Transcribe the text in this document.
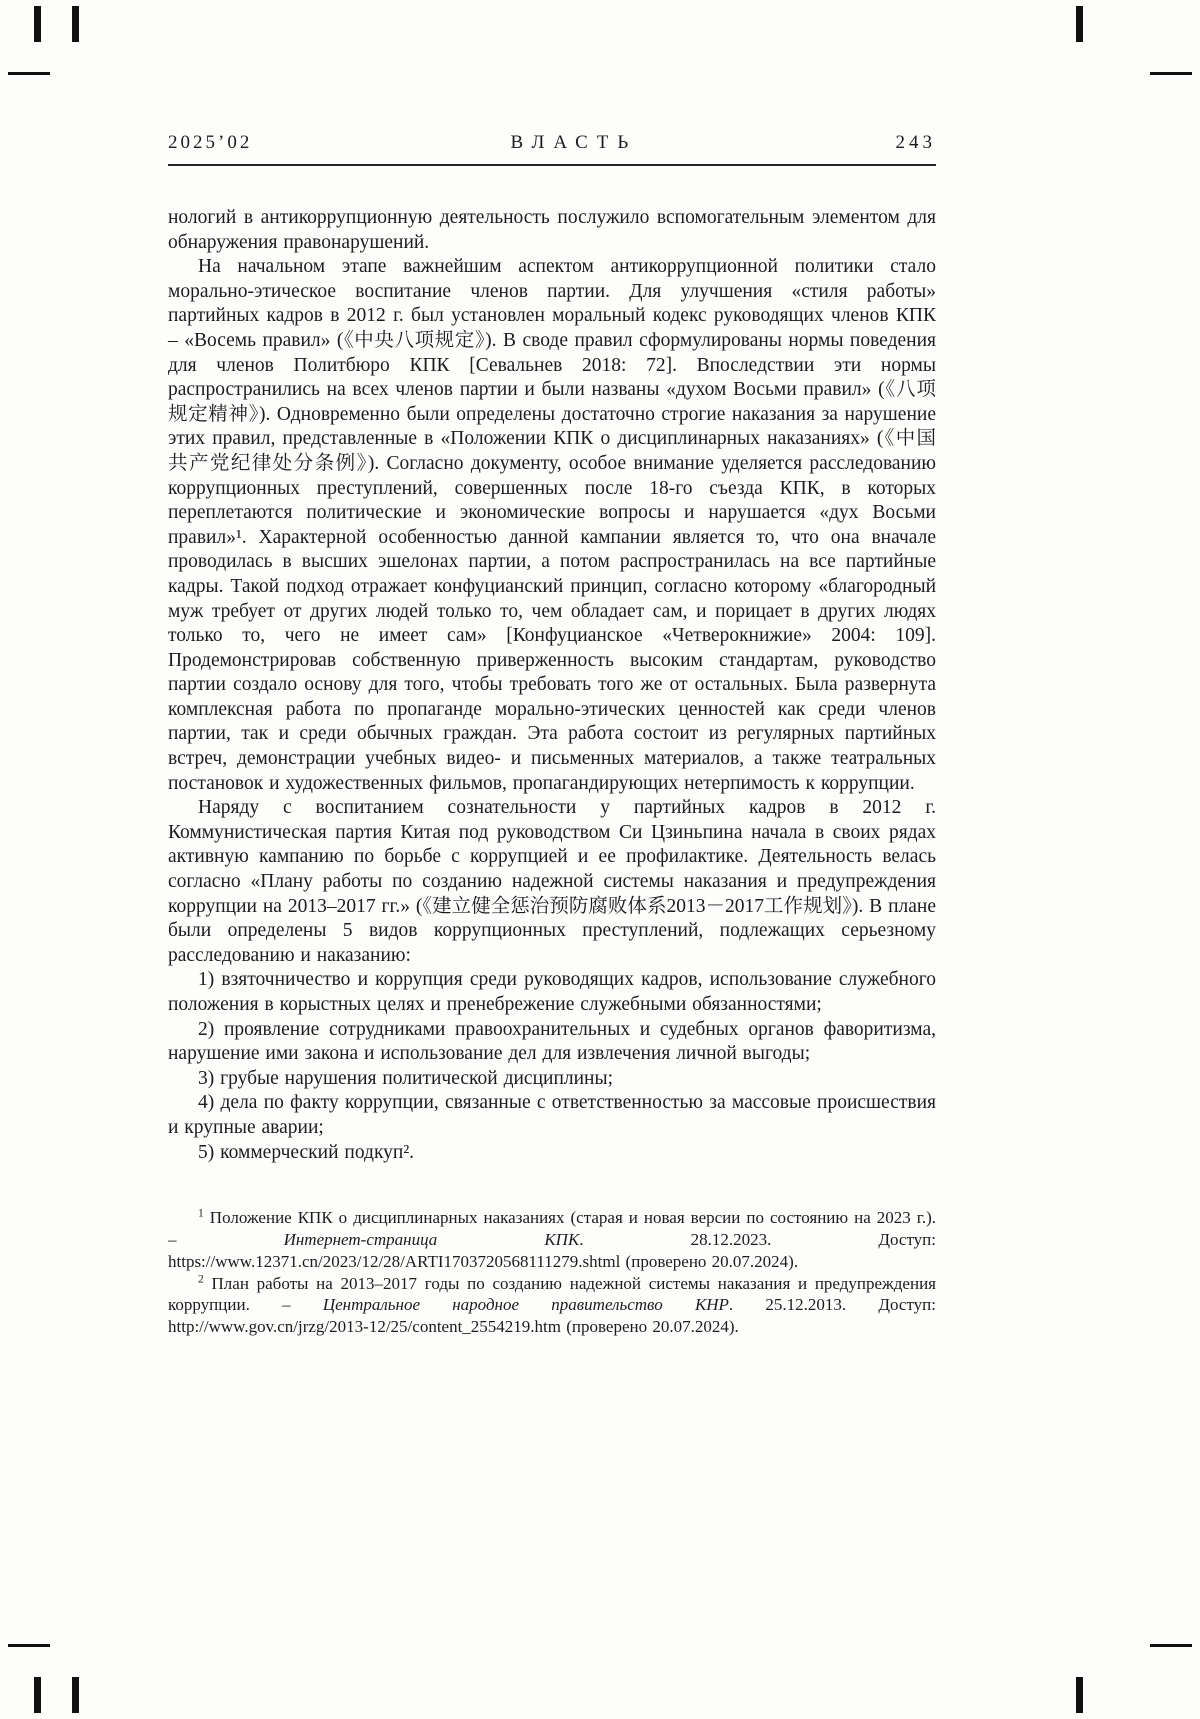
2025’02	ВЛАСТЬ	243

нологий в антикоррупционную деятельность послужило вспомогательным элементом для обнаружения правонарушений.

На начальном этапе важнейшим аспектом антикоррупционной политики стало морально-этическое воспитание членов партии. Для улучшения «стиля работы» партийных кадров в 2012 г. был установлен моральный кодекс руководящих членов КПК – «Восемь правил» (《中央八项规定》). В своде правил сформулированы нормы поведения для членов Политбюро КПК [Севальнев 2018: 72]. Впоследствии эти нормы распространились на всех членов партии и были названы «духом Восьми правил» (《八项规定精神》). Одновременно были определены достаточно строгие наказания за нарушение этих правил, представленные в «Положении КПК о дисциплинарных наказаниях» (《中国共产党纪律处分条例》). Согласно документу, особое внимание уделяется расследованию коррупционных преступлений, совершенных после 18-го съезда КПК, в которых переплетаются политические и экономические вопросы и нарушается «дух Восьми правил»¹. Характерной особенностью данной кампании является то, что она вначале проводилась в высших эшелонах партии, а потом распространилась на все партийные кадры. Такой подход отражает конфуцианский принцип, согласно которому «благородный муж требует от других людей только то, чем обладает сам, и порицает в других людях только то, чего не имеет сам» [Конфуцианское «Четверокнижие» 2004: 109]. Продемонстрировав собственную приверженность высоким стандартам, руководство партии создало основу для того, чтобы требовать того же от остальных. Была развернута комплексная работа по пропаганде морально-этических ценностей как среди членов партии, так и среди обычных граждан. Эта работа состоит из регулярных партийных встреч, демонстрации учебных видео- и письменных материалов, а также театральных постановок и художественных фильмов, пропагандирующих нетерпимость к коррупции.

Наряду с воспитанием сознательности у партийных кадров в 2012 г. Коммунистическая партия Китая под руководством Си Цзиньпина начала в своих рядах активную кампанию по борьбе с коррупцией и ее профилактике. Деятельность велась согласно «Плану работы по созданию надежной системы наказания и предупреждения коррупции на 2013–2017 гг.» (《建立健全惩治预防腐败体系2013－2017工作规划》). В плане были определены 5 видов коррупционных преступлений, подлежащих серьезному расследованию и наказанию:

1) взяточничество и коррупция среди руководящих кадров, использование служебного положения в корыстных целях и пренебрежение служебными обязанностями;

2) проявление сотрудниками правоохранительных и судебных органов фаворитизма, нарушение ими закона и использование дел для извлечения личной выгоды;

3) грубые нарушения политической дисциплины;

4) дела по факту коррупции, связанные с ответственностью за массовые происшествия и крупные аварии;

5) коммерческий подкуп².

$^1$ Положение КПК о дисциплинарных наказаниях (старая и новая версии по состоянию на 2023 г.). – Интернет-страница КПК. 28.12.2023. Доступ: https://www.12371.cn/2023/12/28/ARTI1703720568111279.shtml (проверено 20.07.2024).

$^2$ План работы на 2013–2017 годы по созданию надежной системы наказания и предупреждения коррупции. – Центральное народное правительство КНР. 25.12.2013. Доступ: http://www.gov.cn/jrzg/2013-12/25/content_2554219.htm (проверено 20.07.2024).
